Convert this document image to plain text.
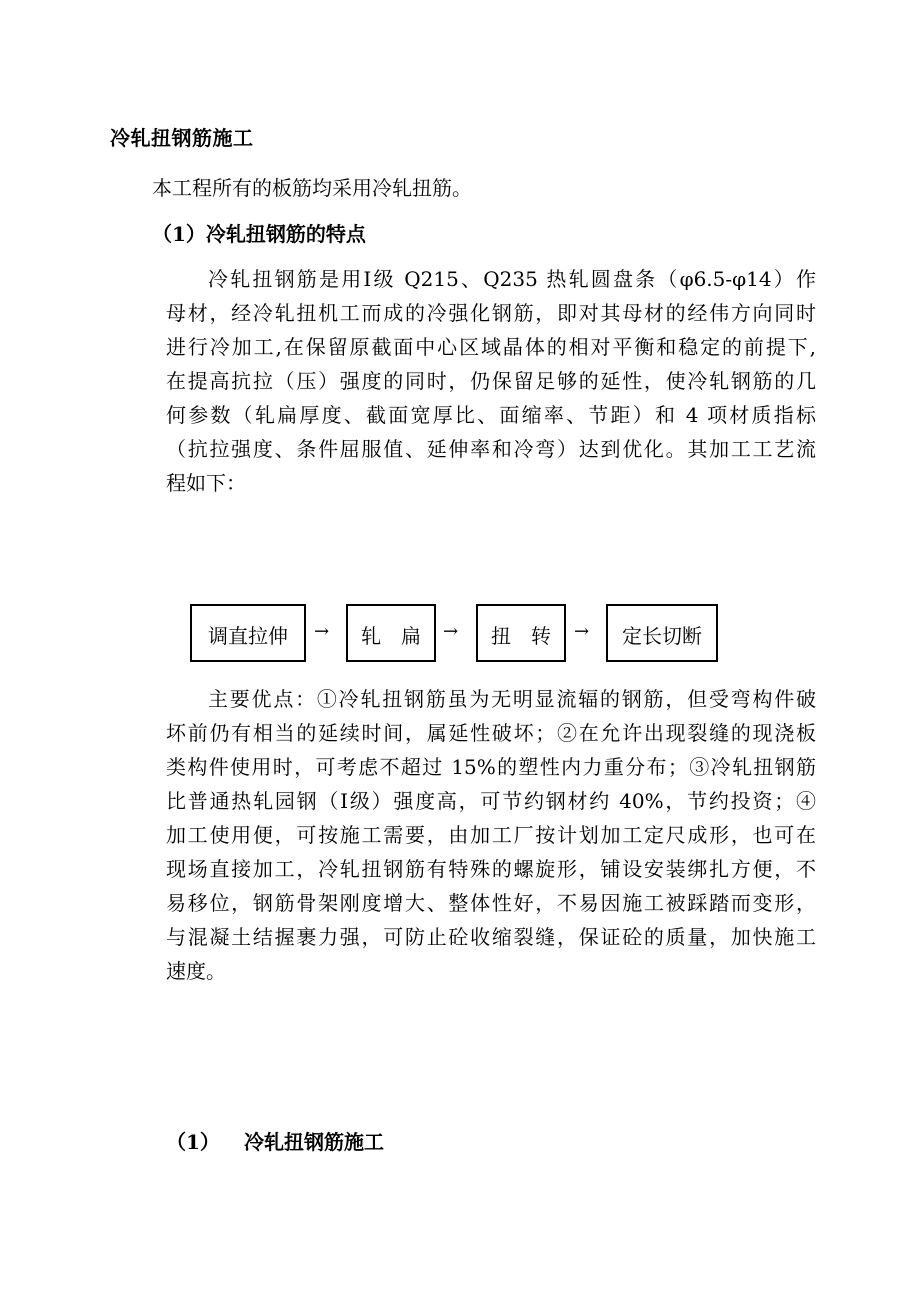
冷轧扭钢筋施工
本工程所有的板筋均采用冷轧扭筋。
（1）冷轧扭钢筋的特点
冷轧扭钢筋是用Ⅰ级 Q215、Q235 热轧圆盘条（φ6.5-φ14）作
母材，经冷轧扭机工而成的冷强化钢筋，即对其母材的经伟方向同时
进行冷加工,在保留原截面中心区域晶体的相对平衡和稳定的前提下,
在提高抗拉（压）强度的同时，仍保留足够的延性，使冷轧钢筋的几
何参数（轧扁厚度、截面宽厚比、面缩率、节距）和 4 项材质指标
（抗拉强度、条件屈服值、延伸率和冷弯）达到优化。其加工工艺流
程如下：
调直拉伸	→	轧　扁	→	扭　转	→	定长切断
主要优点：①冷轧扭钢筋虽为无明显流辐的钢筋，但受弯构件破
坏前仍有相当的延续时间，属延性破坏；②在允许出现裂缝的现浇板
类构件使用时，可考虑不超过 15%的塑性内力重分布；③冷轧扭钢筋
比普通热轧园钢（Ⅰ级）强度高，可节约钢材约 40%，节约投资；④
加工使用便，可按施工需要，由加工厂按计划加工定尺成形，也可在
现场直接加工，冷轧扭钢筋有特殊的螺旋形，铺设安装绑扎方便，不
易移位，钢筋骨架刚度增大、整体性好，不易因施工被踩踏而变形，
与混凝土结握裹力强，可防止砼收缩裂缝，保证砼的质量，加快施工
速度。
（1） 冷轧扭钢筋施工
